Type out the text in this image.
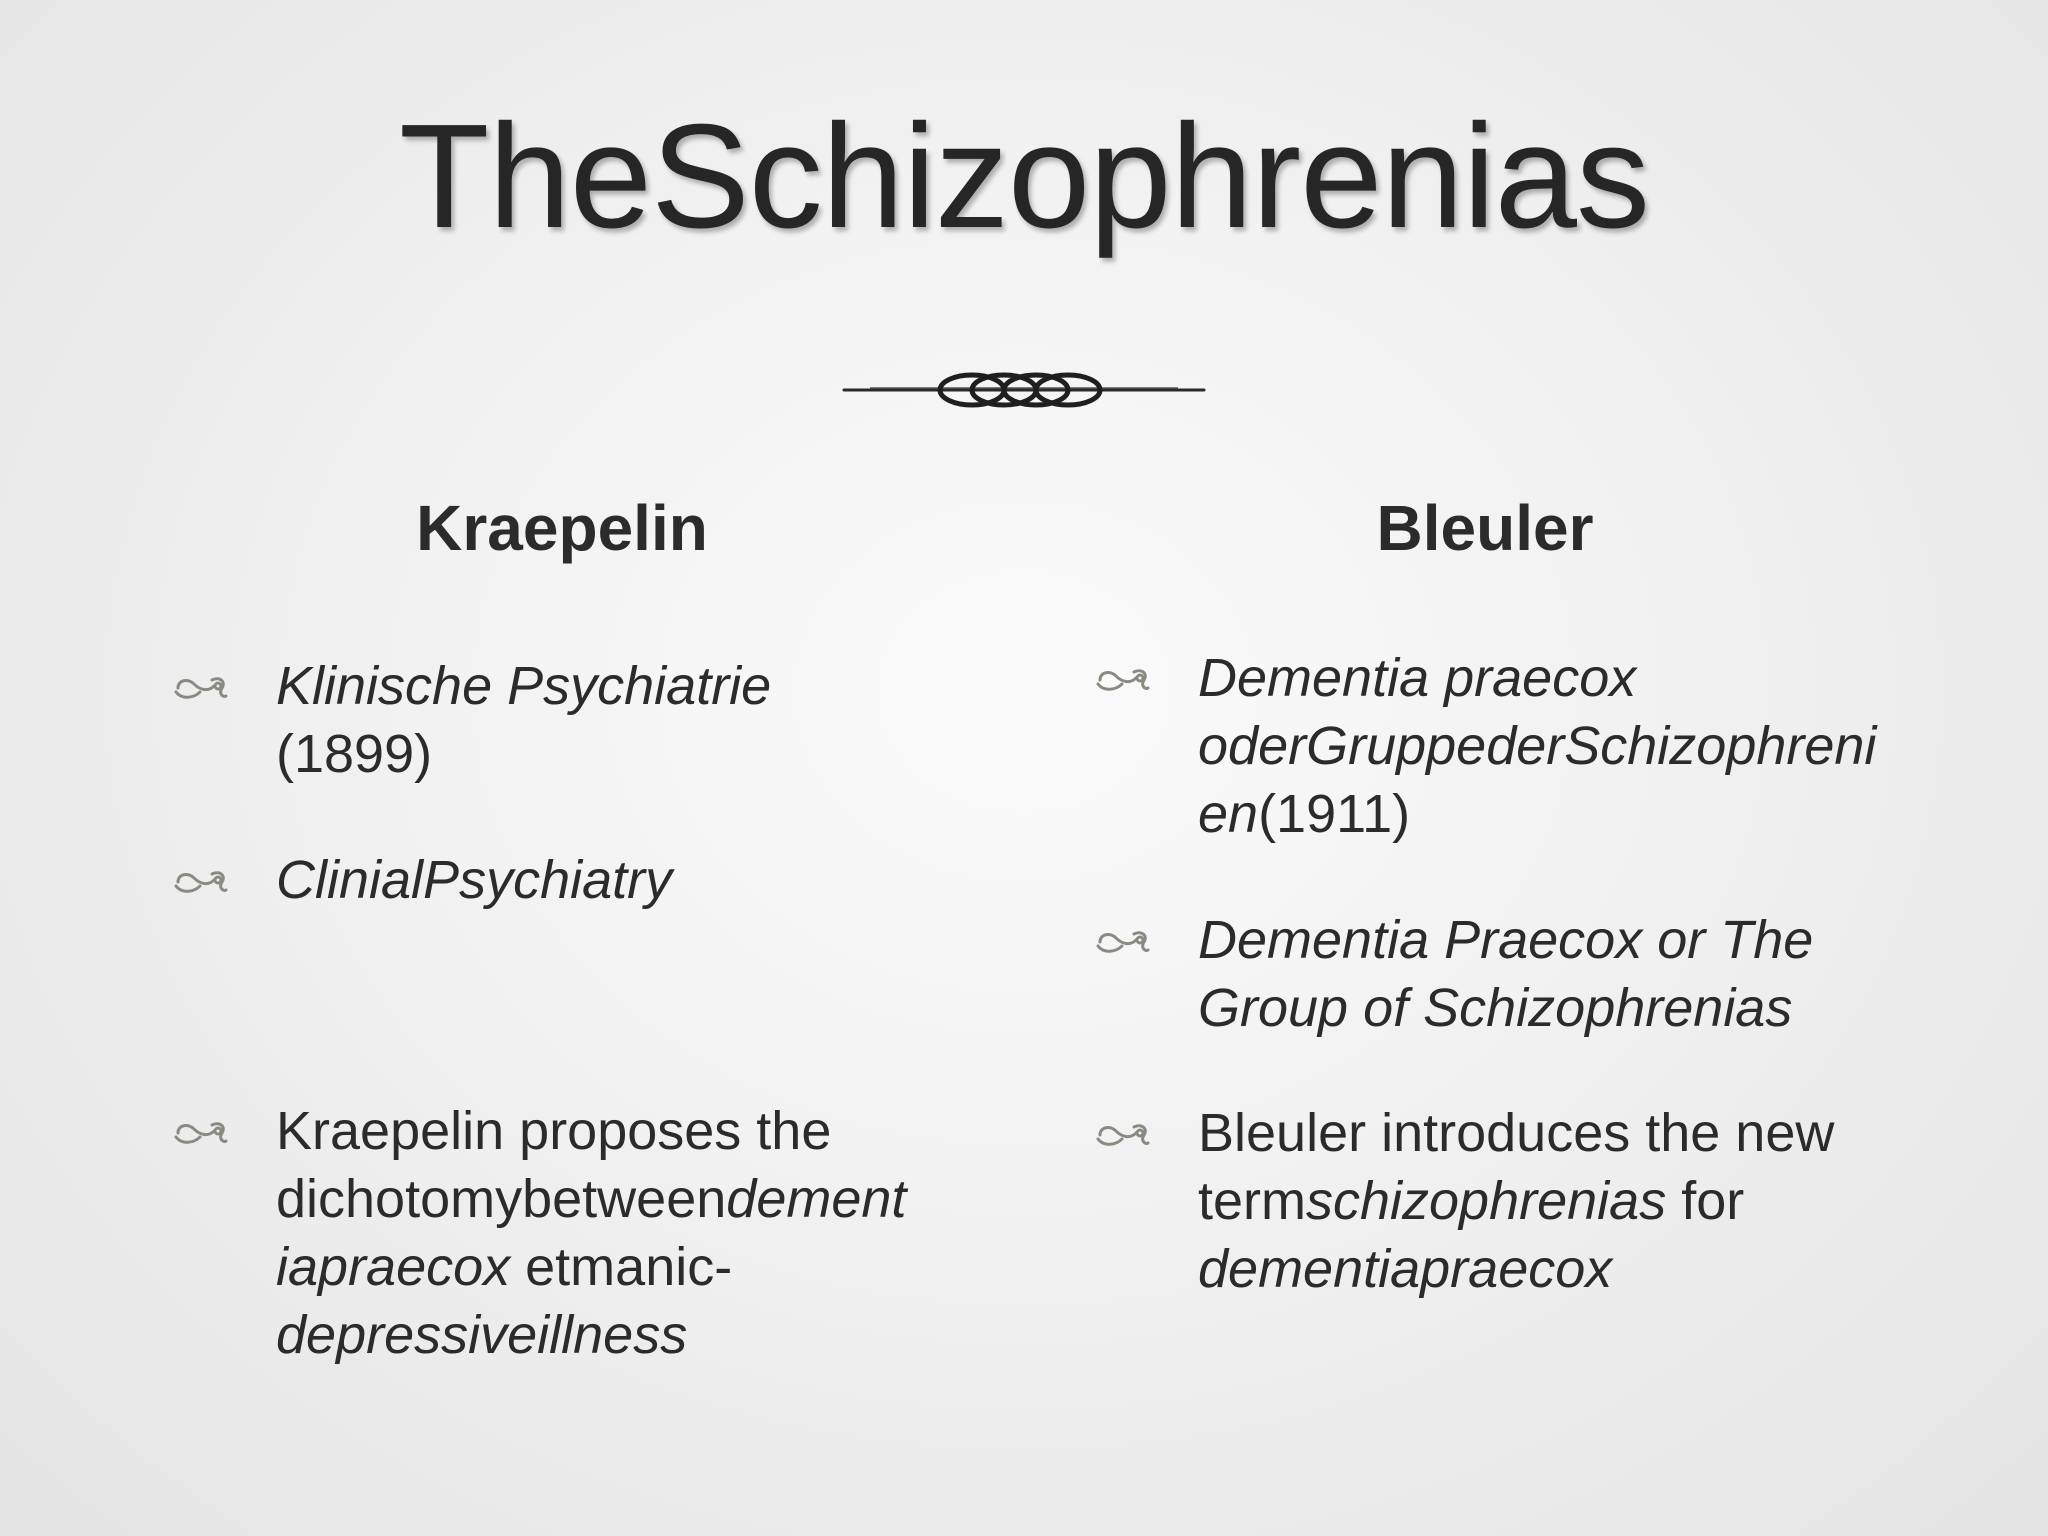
TheSchizophrenias
Kraepelin	Bleuler
Klinische Psychiatrie
(1899)
ClinialPsychiatry
Kraepelin proposes the
dichotomybetweendement
iapraecox etmanic-
depressiveillness
Dementia praecox
oderGruppederSchizophreni
en(1911)
Dementia Praecox or The
Group of Schizophrenias
Bleuler introduces the new
termschizophrenias for
dementiapraecox
